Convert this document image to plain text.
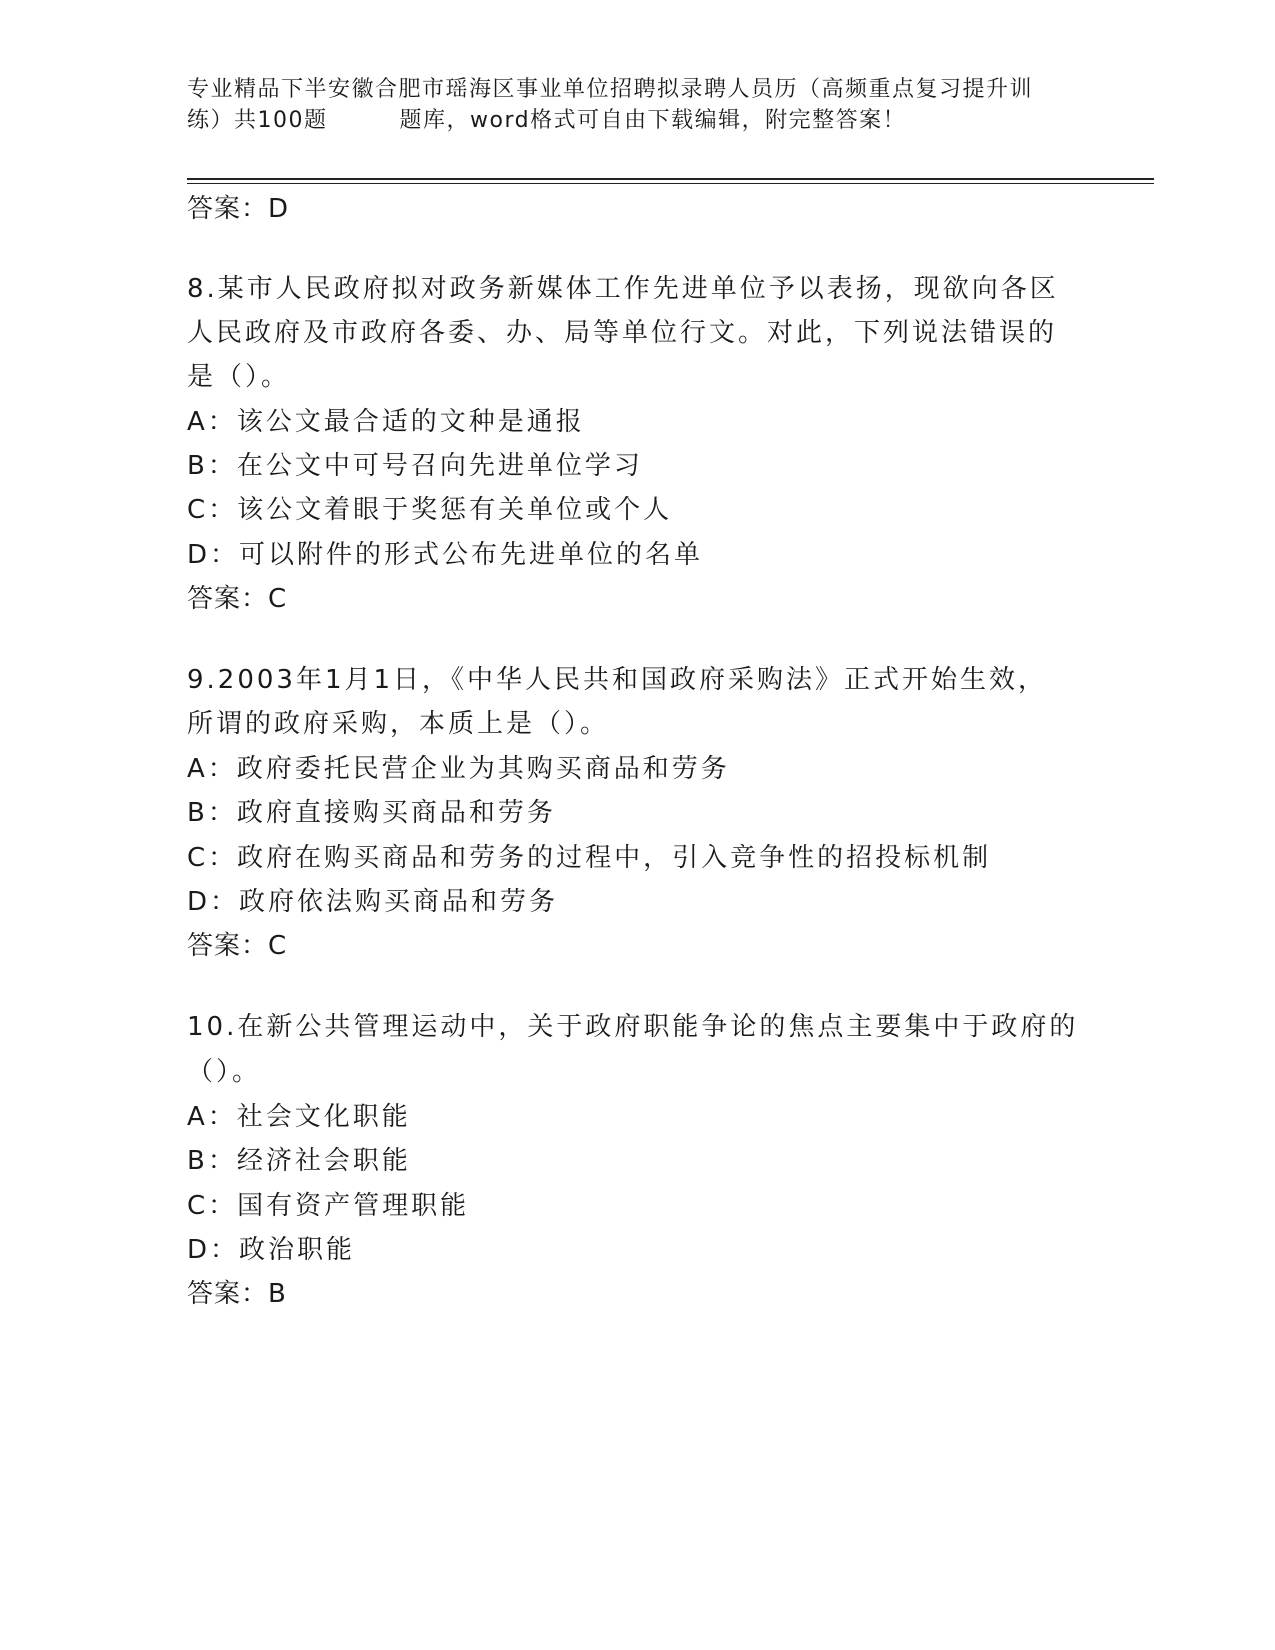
专业精品下半安徽合肥市瑶海区事业单位招聘拟录聘人员历（高频重点复习提升训
练）共100题	题库，word格式可自由下载编辑，附完整答案！
答案：D
8.某市人民政府拟对政务新媒体工作先进单位予以表扬，现欲向各区
人民政府及市政府各委、办、局等单位行文。对此，下列说法错误的
是（）。
A：该公文最合适的文种是通报
B：在公文中可号召向先进单位学习
C：该公文着眼于奖惩有关单位或个人
D：可以附件的形式公布先进单位的名单
答案：C
9.2003年1月1日，《中华人民共和国政府采购法》正式开始生效，
所谓的政府采购，本质上是（）。
A：政府委托民营企业为其购买商品和劳务
B：政府直接购买商品和劳务
C：政府在购买商品和劳务的过程中，引入竞争性的招投标机制
D：政府依法购买商品和劳务
答案：C
10.在新公共管理运动中，关于政府职能争论的焦点主要集中于政府的
（）。
A：社会文化职能
B：经济社会职能
C：国有资产管理职能
D：政治职能
答案：B
